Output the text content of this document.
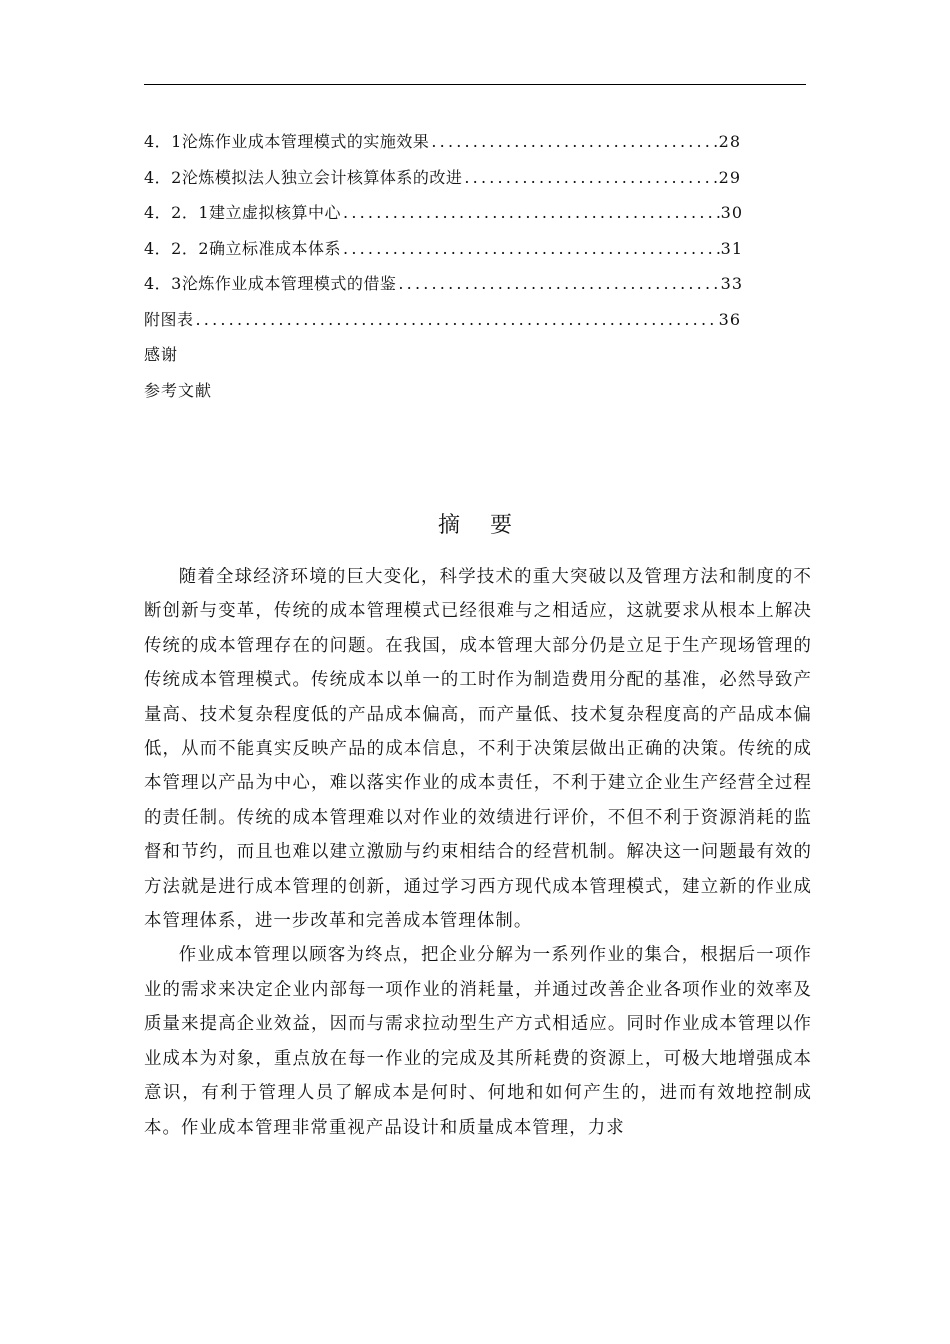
4．1沦炼作业成本管理模式的实施效果 .....	28
4．2沦炼模拟法人独立会计核算体系的改进 .....	29
4．2．1建立虚拟核算中心 .....	30
4．2．2确立标准成本体系 .....	31
4．3沦炼作业成本管理模式的借鉴 .....	33
附图表 .....	36
感谢
参考文献
摘要

随着全球经济环境的巨大变化，科学技术的重大突破以及管理方法和制度的不断创新与变革，传统的成本管理模式已经很难与之相适应，这就要求从根本上解决传统的成本管理存在的问题。在我国，成本管理大部分仍是立足于生产现场管理的传统成本管理模式。传统成本以单一的工时作为制造费用分配的基准，必然导致产量高、技术复杂程度低的产品成本偏高，而产量低、技术复杂程度高的产品成本偏低，从而不能真实反映产品的成本信息，不利于决策层做出正确的决策。传统的成本管理以产品为中心，难以落实作业的成本责任，不利于建立企业生产经营全过程的责任制。传统的成本管理难以对作业的效绩进行评价，不但不利于资源消耗的监督和节约，而且也难以建立激励与约束相结合的经营机制。解决这一问题最有效的方法就是进行成本管理的创新，通过学习西方现代成本管理模式，建立新的作业成本管理体系，进一步改革和完善成本管理体制。

作业成本管理以顾客为终点，把企业分解为一系列作业的集合，根据后一项作业的需求来决定企业内部每一项作业的消耗量，并通过改善企业各项作业的效率及质量来提高企业效益，因而与需求拉动型生产方式相适应。同时作业成本管理以作业成本为对象，重点放在每一作业的完成及其所耗费的资源上，可极大地增强成本意识，有利于管理人员了解成本是何时、何地和如何产生的，进而有效地控制成本。作业成本管理非常重视产品设计和质量成本管理，力求
